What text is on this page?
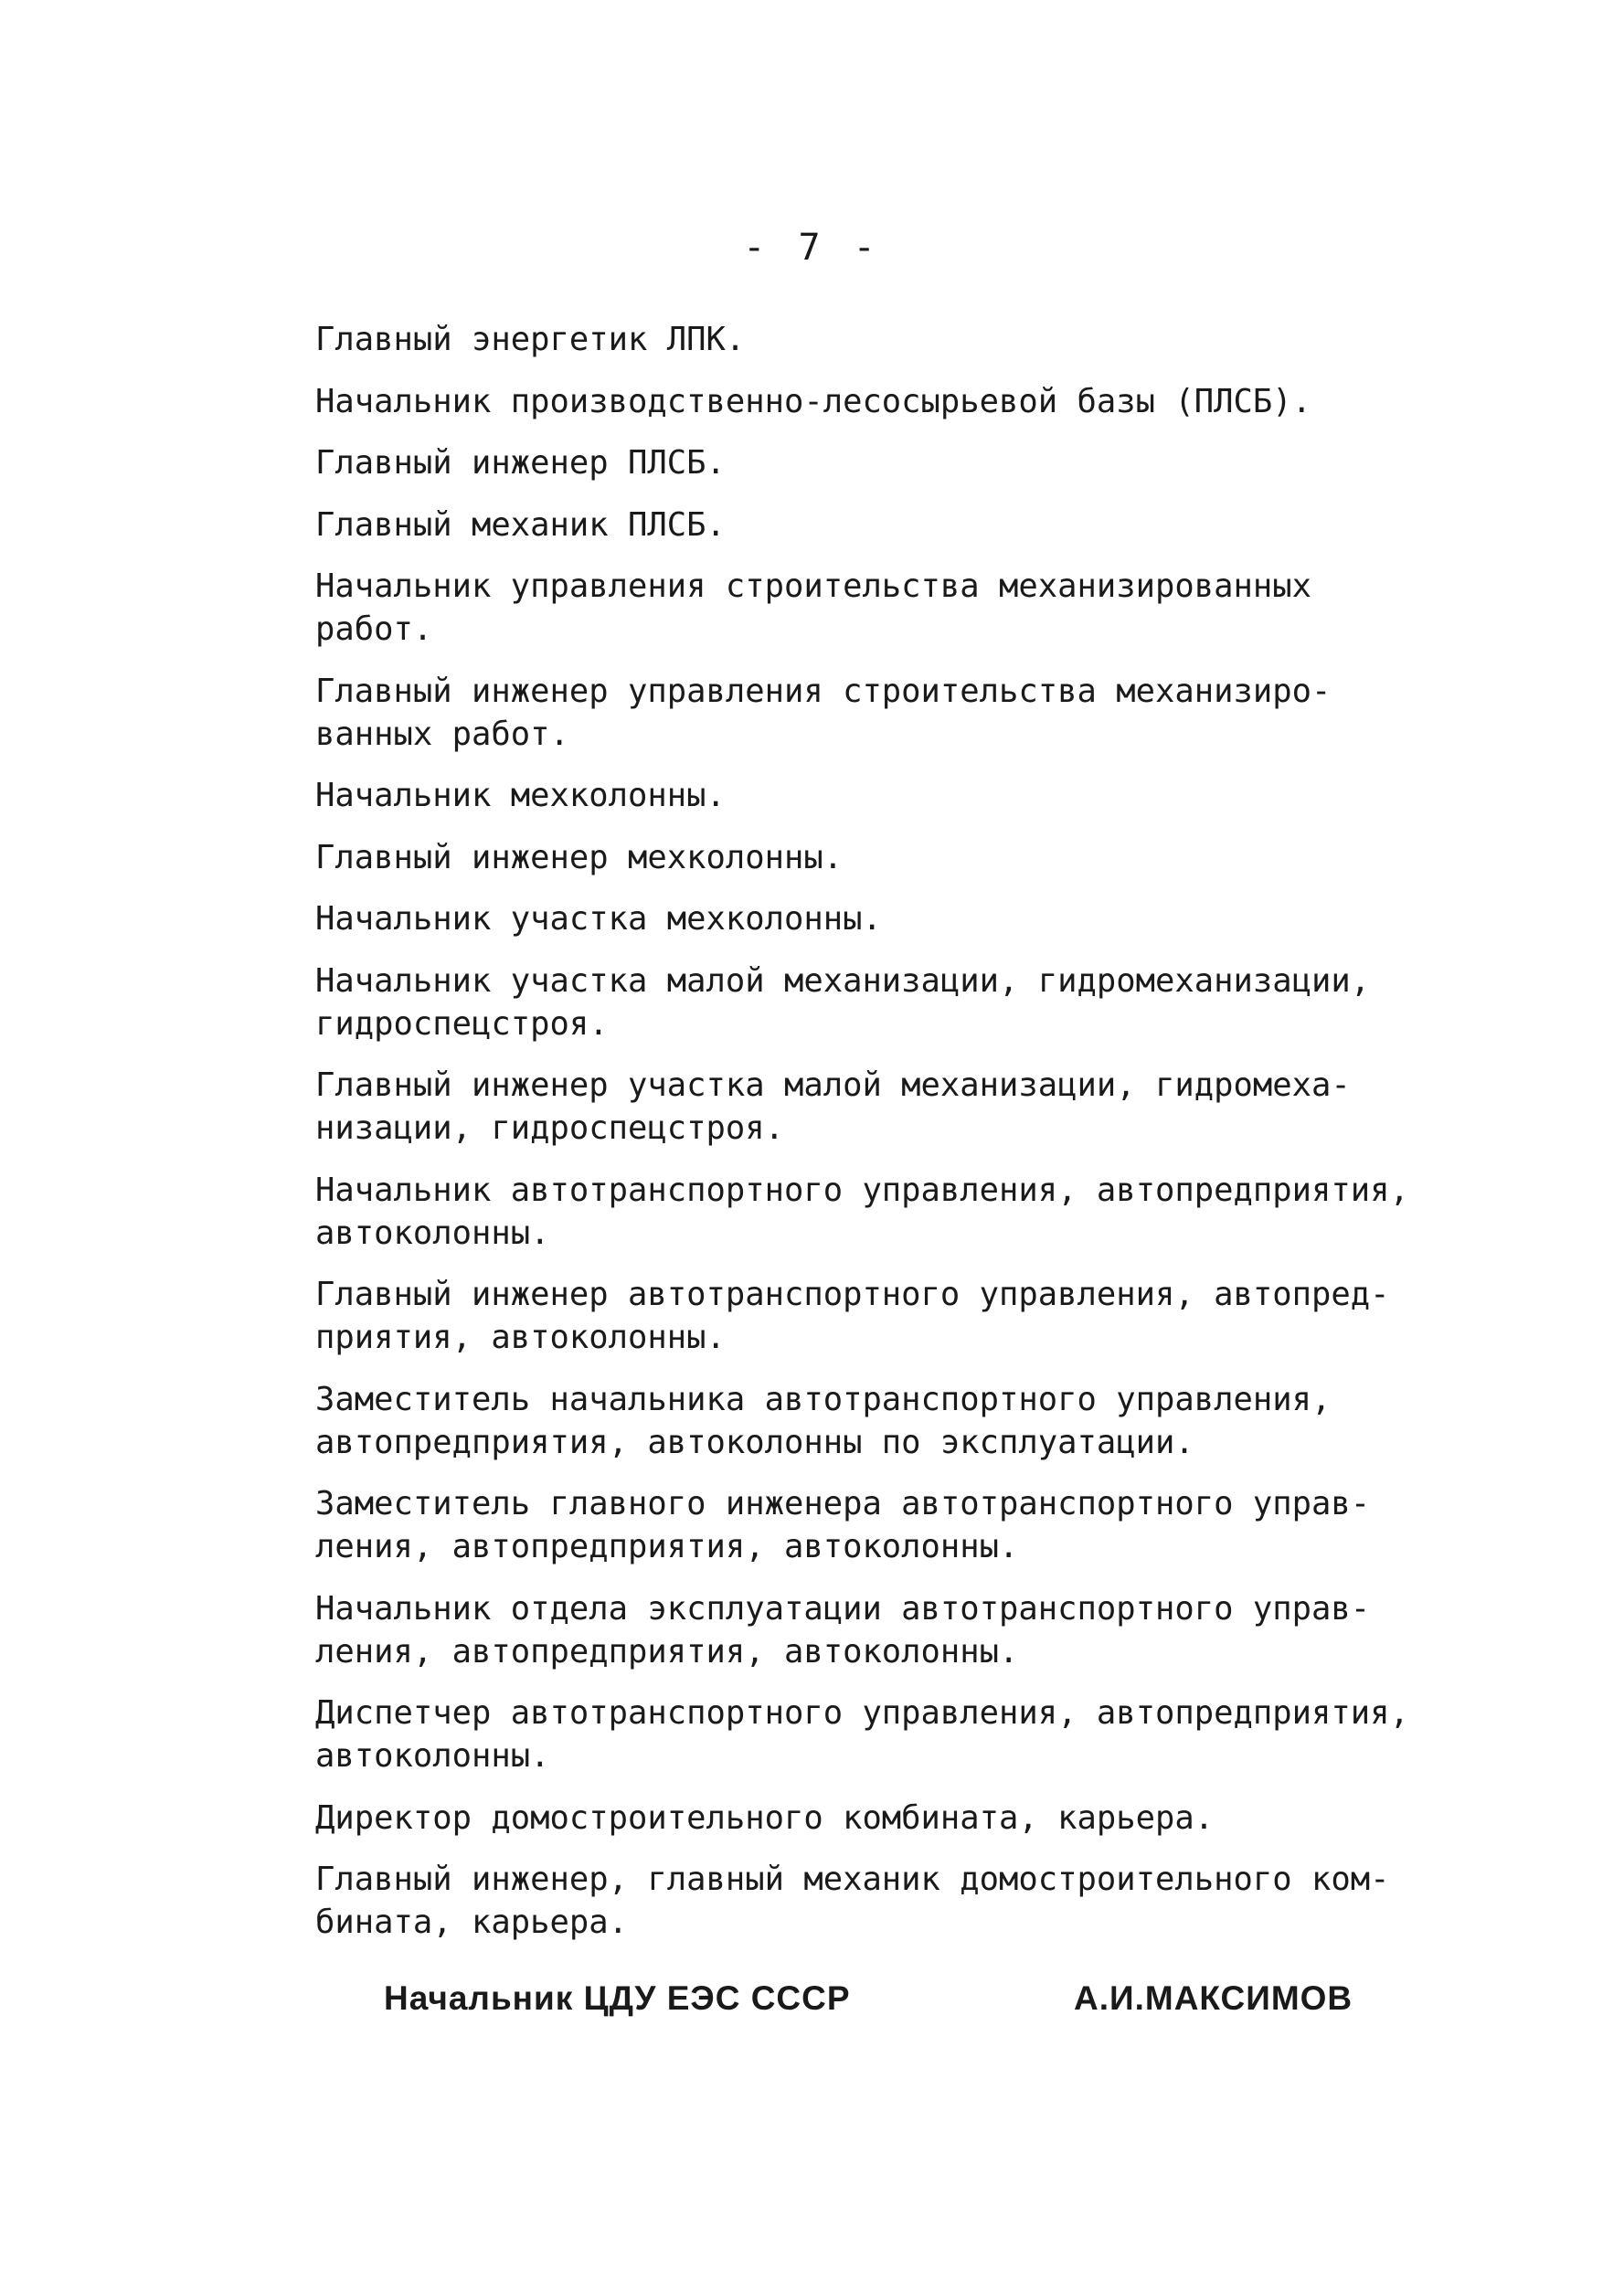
- 7 -
Главный энергетик ЛПК.
Начальник производственно-лесосырьевой базы (ПЛСБ).
Главный инженер ПЛСБ.
Главный механик ПЛСБ.
Начальник управления строительства механизированных
работ.
Главный инженер управления строительства механизиро-
ванных работ.
Начальник мехколонны.
Главный инженер мехколонны.
Начальник участка мехколонны.
Начальник участка малой механизации, гидромеханизации,
гидроспецстроя.
Главный инженер участка малой механизации, гидромеха-
низации, гидроспецстроя.
Начальник автотранспортного управления, автопредприятия,
автоколонны.
Главный инженер автотранспортного управления, автопред-
приятия, автоколонны.
Заместитель начальника автотранспортного управления,
автопредприятия, автоколонны по эксплуатации.
Заместитель главного инженера автотранспортного управ-
ления, автопредприятия, автоколонны.
Начальник отдела эксплуатации автотранспортного управ-
ления, автопредприятия, автоколонны.
Диспетчер автотранспортного управления, автопредприятия,
автоколонны.
Директор домостроительного комбината, карьера.
Главный инженер, главный механик домостроительного ком-
бината, карьера.
Начальник ЦДУ ЕЭС СССР	А.И.МАКСИМОВ
